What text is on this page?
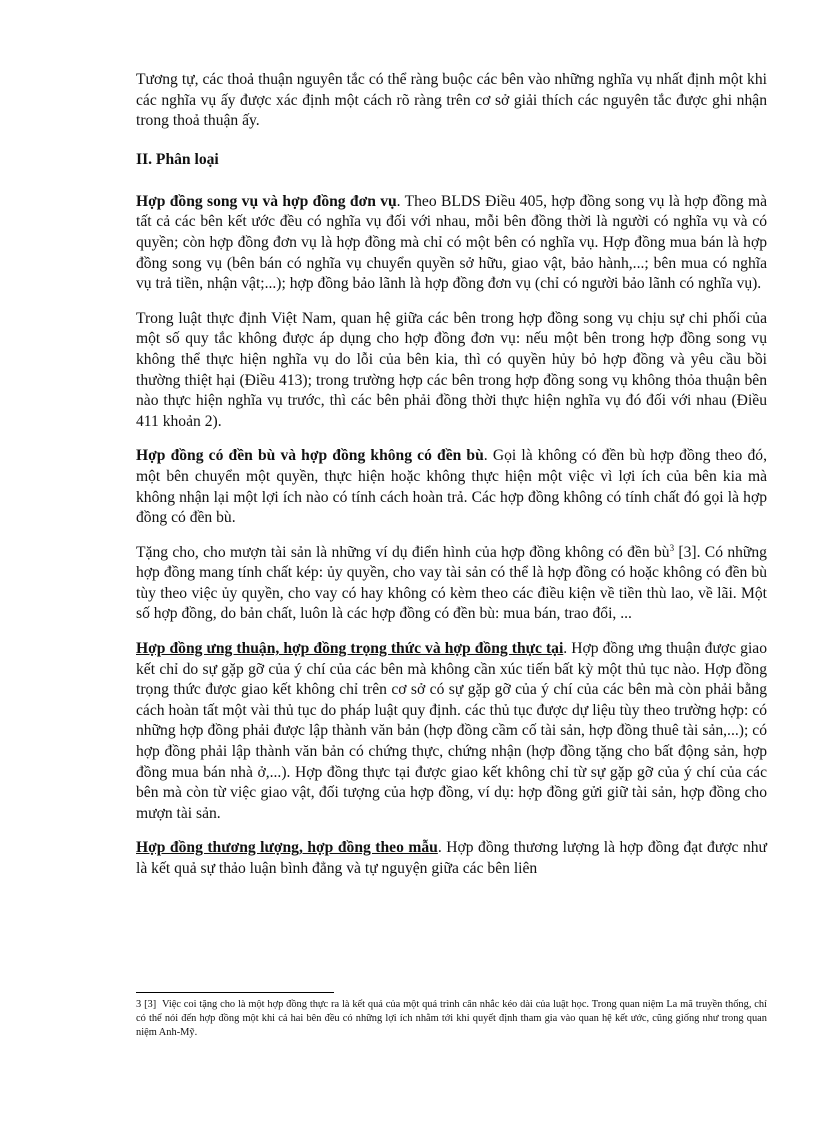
Tương tự, các thoả thuận nguyên tắc có thể ràng buộc các bên vào những nghĩa vụ nhất định một khi các nghĩa vụ ấy được xác định một cách rõ ràng trên cơ sở giải thích các nguyên tắc được ghi nhận trong thoả thuận ấy.

II. Phân loại

Hợp đồng song vụ và hợp đồng đơn vụ. Theo BLDS Điều 405, hợp đồng song vụ là hợp đồng mà tất cả các bên kết ước đều có nghĩa vụ đối với nhau, mỗi bên đồng thời là người có nghĩa vụ và có quyền; còn hợp đồng đơn vụ là hợp đồng mà chỉ có một bên có nghĩa vụ. Hợp đồng mua bán là hợp đồng song vụ (bên bán có nghĩa vụ chuyển quyền sở hữu, giao vật, bảo hành,...; bên mua có nghĩa vụ trả tiền, nhận vật;...); hợp đồng bảo lãnh là hợp đồng đơn vụ (chỉ có người bảo lãnh có nghĩa vụ).

Trong luật thực định Việt Nam, quan hệ giữa các bên trong hợp đồng song vụ chịu sự chi phối của một số quy tắc không được áp dụng cho hợp đồng đơn vụ: nếu một bên trong hợp đồng song vụ không thể thực hiện nghĩa vụ do lỗi của bên kia, thì có quyền hủy bỏ hợp đồng và yêu cầu bồi thường thiệt hại (Điều 413); trong trường hợp các bên trong hợp đồng song vụ không thỏa thuận bên nào thực hiện nghĩa vụ trước, thì các bên phải đồng thời thực hiện nghĩa vụ đó đối với nhau (Điều 411 khoản 2).

Hợp đồng có đền bù và hợp đồng không có đền bù. Gọi là không có đền bù hợp đồng theo đó, một bên chuyển một quyền, thực hiện hoặc không thực hiện một việc vì lợi ích của bên kia mà không nhận lại một lợi ích nào có tính cách hoàn trả. Các hợp đồng không có tính chất đó gọi là hợp đồng có đền bù.

Tặng cho, cho mượn tài sản là những ví dụ điển hình của hợp đồng không có đền $bù^3$ [3]. Có những hợp đồng mang tính chất kép: ủy quyền, cho vay tài sản có thể là hợp đồng có hoặc không có đền bù tùy theo việc ủy quyền, cho vay có hay không có kèm theo các điều kiện về tiền thù lao, về lãi. Một số hợp đồng, do bản chất, luôn là các hợp đồng có đền bù: mua bán, trao đổi, ...

Hợp đồng ưng thuận, hợp đồng trọng thức và hợp đồng thực tại. Hợp đồng ưng thuận được giao kết chỉ do sự gặp gỡ của ý chí của các bên mà không cần xúc tiến bất kỳ một thủ tục nào. Hợp đồng trọng thức được giao kết không chỉ trên cơ sở có sự gặp gỡ của ý chí của các bên mà còn phải bằng cách hoàn tất một vài thủ tục do pháp luật quy định. các thủ tục được dự liệu tùy theo trường hợp: có những hợp đồng phải được lập thành văn bản (hợp đồng cầm cố tài sản, hợp đồng thuê tài sản,...); có hợp đồng phải lập thành văn bản có chứng thực, chứng nhận (hợp đồng tặng cho bất động sản, hợp đồng mua bán nhà ở,...). Hợp đồng thực tại được giao kết không chỉ từ sự gặp gỡ của ý chí của các bên mà còn từ việc giao vật, đối tượng của hợp đồng, ví dụ: hợp đồng gửi giữ tài sản, hợp đồng cho mượn tài sản.

Hợp đồng thương lượng, hợp đồng theo mẫu. Hợp đồng thương lượng là hợp đồng đạt được như là kết quả sự thảo luận bình đẳng và tự nguyện giữa các bên liên

3 [3] Việc coi tặng cho là một hợp đồng thực ra là kết quả của một quá trình cân nhắc kéo dài của luật học. Trong quan niệm La mã truyền thống, chỉ có thể nói đến hợp đồng một khi cả hai bên đều có những lợi ích nhằm tới khi quyết định tham gia vào quan hệ kết ước, cũng giống như trong quan niệm Anh-Mỹ.
